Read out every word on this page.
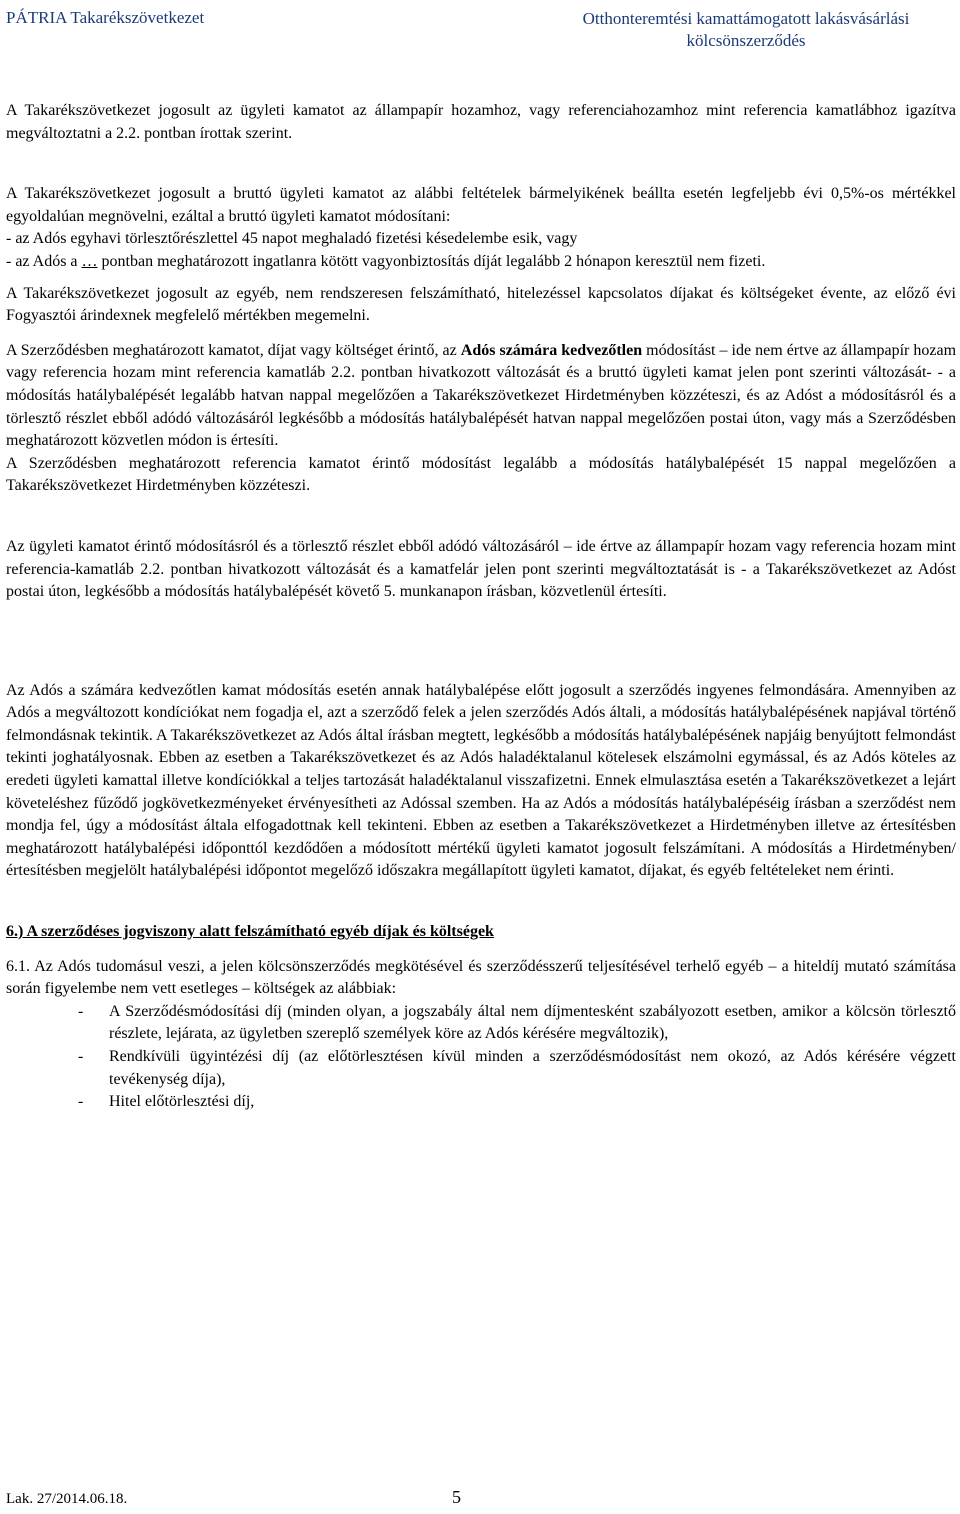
PÁTRIA Takarékszövetkezet	Otthonteremtési kamattámogatott lakásvásárlási
kölcsönszerződés

A Takarékszövetkezet jogosult az ügyleti kamatot az állampapír hozamhoz, vagy referenciahozamhoz mint referencia kamatlábhoz igazítva megváltoztatni a 2.2. pontban írottak szerint.

A Takarékszövetkezet jogosult a bruttó ügyleti kamatot az alábbi feltételek bármelyikének beállta esetén legfeljebb évi 0,5%-os mértékkel egyoldalúan megnövelni, ezáltal a bruttó ügyleti kamatot módosítani:

- az Adós egyhavi törlesztőrészlettel 45 napot meghaladó fizetési késedelembe esik, vagy

- az Adós a … pontban meghatározott ingatlanra kötött vagyonbiztosítás díját legalább 2 hónapon keresztül nem fizeti.

A Takarékszövetkezet jogosult az egyéb, nem rendszeresen felszámítható, hitelezéssel kapcsolatos díjakat és költségeket évente, az előző évi Fogyasztói árindexnek megfelelő mértékben megemelni.

A Szerződésben meghatározott kamatot, díjat vagy költséget érintő, az Adós számára kedvezőtlen módosítást – ide nem értve az állampapír hozam vagy referencia hozam mint referencia kamatláb 2.2. pontban hivatkozott változását és a bruttó ügyleti kamat jelen pont szerinti változását- - a módosítás hatálybalépését legalább hatvan nappal megelőzően a Takarékszövetkezet Hirdetményben közzéteszi, és az Adóst a módosításról és a törlesztő részlet ebből adódó változásáról legkésőbb a módosítás hatálybalépését hatvan nappal megelőzően postai úton, vagy más a Szerződésben meghatározott közvetlen módon is értesíti.

A Szerződésben meghatározott referencia kamatot érintő módosítást legalább a módosítás hatálybalépését 15 nappal megelőzően a Takarékszövetkezet Hirdetményben közzéteszi.

Az ügyleti kamatot érintő módosításról és a törlesztő részlet ebből adódó változásáról – ide értve az állampapír hozam vagy referencia hozam mint referencia-kamatláb 2.2. pontban hivatkozott változását és a kamatfelár jelen pont szerinti megváltoztatását is - a Takarékszövetkezet az Adóst postai úton, legkésőbb a módosítás hatálybalépését követő 5. munkanapon írásban, közvetlenül értesíti.

Az Adós a számára kedvezőtlen kamat módosítás esetén annak hatálybalépése előtt jogosult a szerződés ingyenes felmondására. Amennyiben az Adós a megváltozott kondíciókat nem fogadja el, azt a szerződő felek a jelen szerződés Adós általi, a módosítás hatálybalépésének napjával történő felmondásnak tekintik. A Takarékszövetkezet az Adós által írásban megtett, legkésőbb a módosítás hatálybalépésének napjáig benyújtott felmondást tekinti joghatályosnak. Ebben az esetben a Takarékszövetkezet és az Adós haladéktalanul kötelesek elszámolni egymással, és az Adós köteles az eredeti ügyleti kamattal illetve kondíciókkal a teljes tartozását haladéktalanul visszafizetni. Ennek elmulasztása esetén a Takarékszövetkezet a lejárt követeléshez fűződő jogkövetkezményeket érvényesítheti az Adóssal szemben. Ha az Adós a módosítás hatálybalépéséig írásban a szerződést nem mondja fel, úgy a módosítást általa elfogadottnak kell tekinteni. Ebben az esetben a Takarékszövetkezet a Hirdetményben illetve az értesítésben meghatározott hatálybalépési időponttól kezdődően a módosított mértékű ügyleti kamatot jogosult felszámítani. A módosítás a Hirdetményben/értesítésben megjelölt hatálybalépési időpontot megelőző időszakra megállapított ügyleti kamatot, díjakat, és egyéb feltételeket nem érinti.

6.) A szerződéses jogviszony alatt felszámítható egyéb díjak és költségek

6.1. Az Adós tudomásul veszi, a jelen kölcsönszerződés megkötésével és szerződésszerű teljesítésével terhelő egyéb – a hiteldíj mutató számítása során figyelembe nem vett esetleges – költségek az alábbiak:

- A Szerződésmódosítási díj (minden olyan, a jogszabály által nem díjmentesként szabályozott esetben, amikor a kölcsön törlesztő részlete, lejárata, az ügyletben szereplő személyek köre az Adós kérésére megváltozik),
- Rendkívüli ügyintézési díj (az előtörlesztésen kívül minden a szerződésmódosítást nem okozó, az Adós kérésére végzett tevékenység díja),
- Hitel előtörlesztési díj,
Lak. 27/2014.06.18.	5
